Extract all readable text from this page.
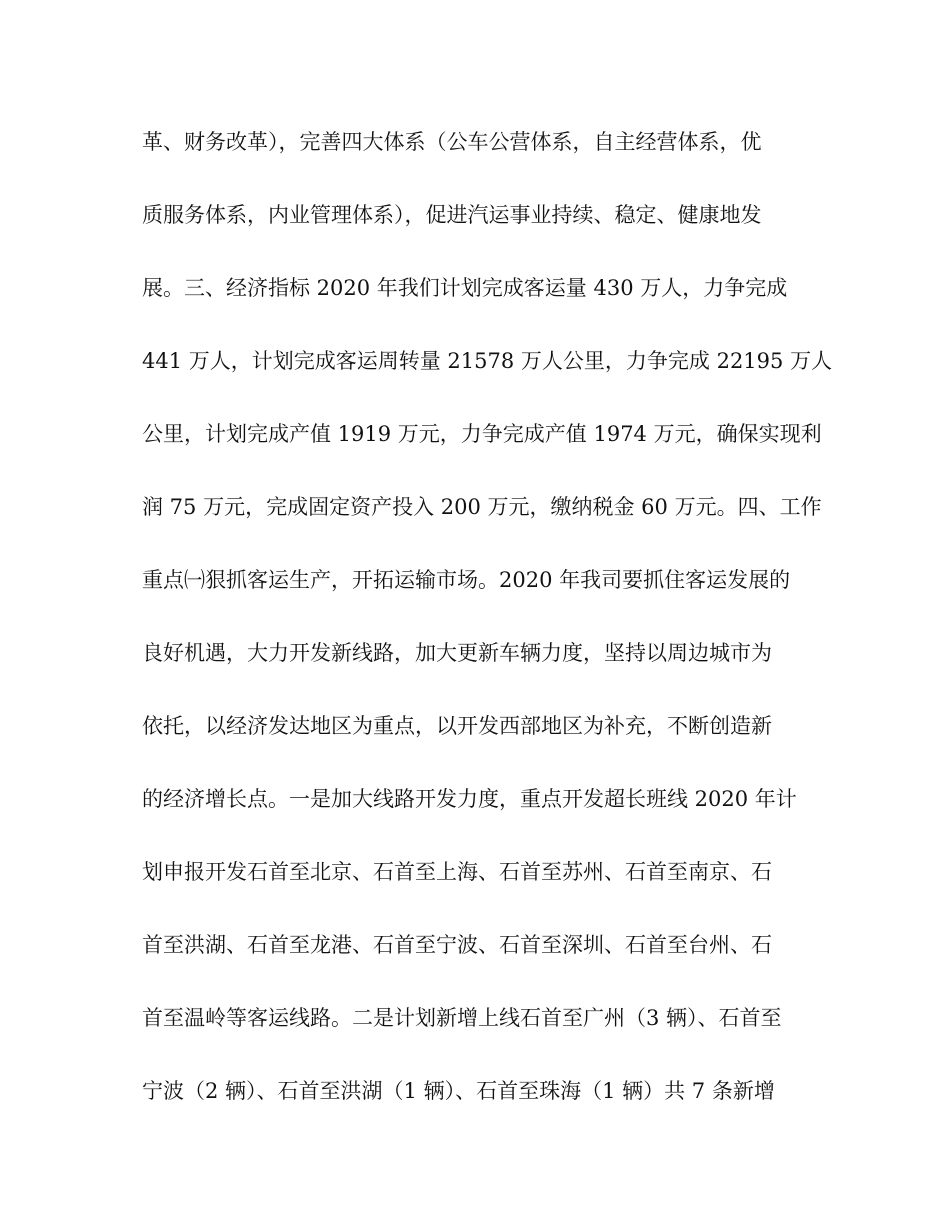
革、财务改革），完善四大体系（公车公营体系，自主经营体系，优
质服务体系，内业管理体系），促进汽运事业持续、稳定、健康地发
展。三、经济指标 2020 年我们计划完成客运量 430 万人，力争完成
441 万人，计划完成客运周转量 21578 万人公里，力争完成 22195 万人
公里，计划完成产值 1919 万元，力争完成产值 1974 万元，确保实现利
润 75 万元，完成固定资产投入 200 万元，缴纳税金 60 万元。四、工作
重点㈠狠抓客运生产，开拓运输市场。2020 年我司要抓住客运发展的
良好机遇，大力开发新线路，加大更新车辆力度，坚持以周边城市为
依托，以经济发达地区为重点，以开发西部地区为补充，不断创造新
的经济增长点。一是加大线路开发力度，重点开发超长班线 2020 年计
划申报开发石首至北京、石首至上海、石首至苏州、石首至南京、石
首至洪湖、石首至龙港、石首至宁波、石首至深圳、石首至台州、石
首至温岭等客运线路。二是计划新增上线石首至广州（3 辆）、石首至
宁波（2 辆）、石首至洪湖（1 辆）、石首至珠海（1 辆）共 7 条新增
